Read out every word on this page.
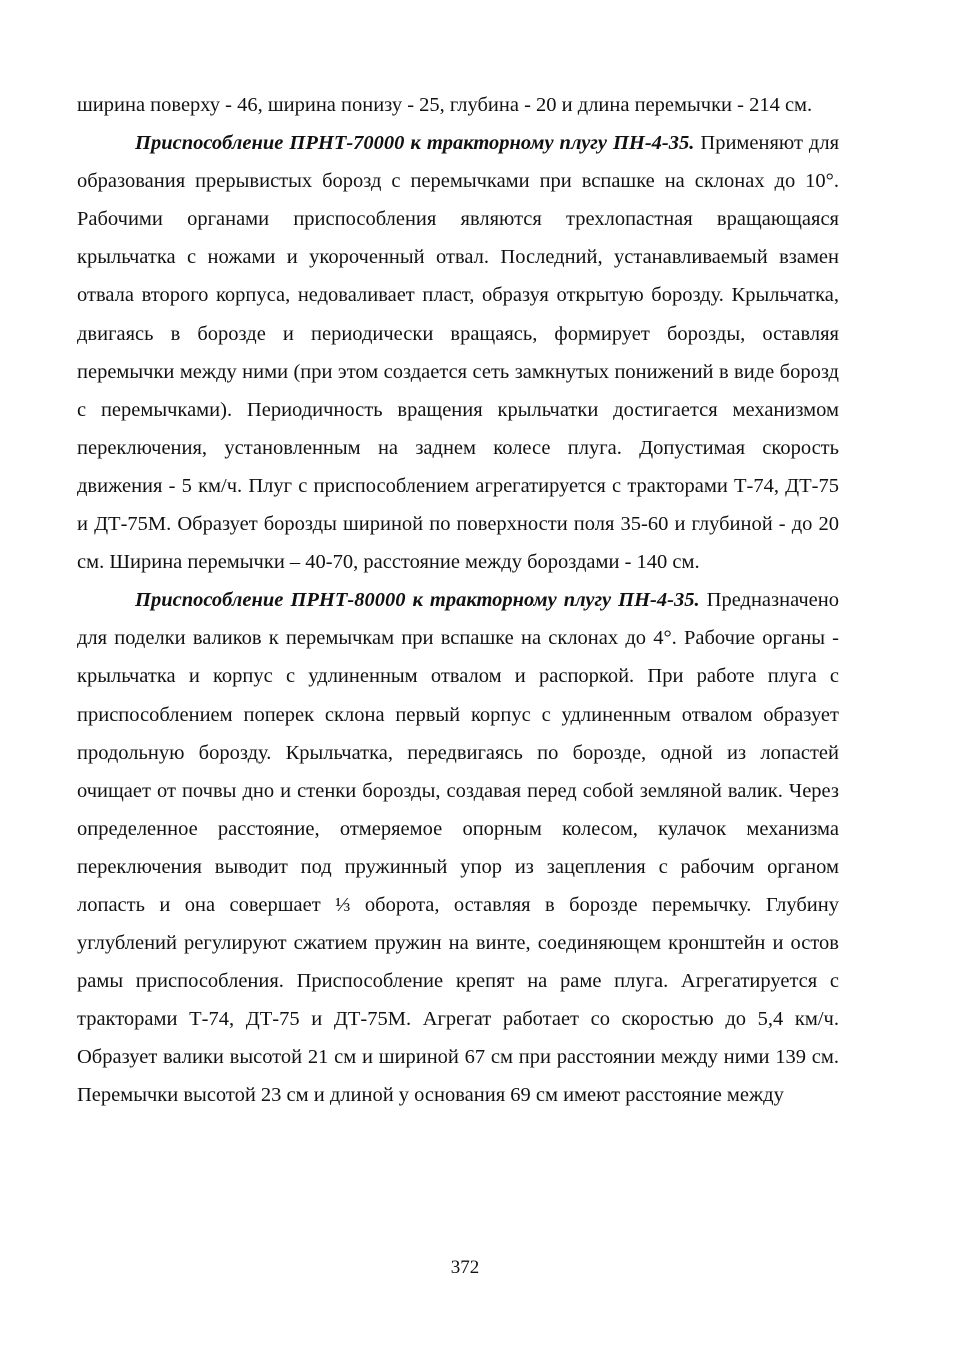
ширина поверху - 46, ширина понизу - 25, глубина - 20 и длина перемычки - 214 см.

Приспособление ПРНТ-70000 к тракторному плугу ПН-4-35. Применяют для образования прерывистых борозд с перемычками при вспашке на склонах до 10°. Рабочими органами приспособления являются трехлопастная вращающаяся крыльчатка с ножами и укороченный отвал. Последний, устанавливаемый взамен отвала второго корпуса, недоваливает пласт, образуя открытую борозду. Крыльчатка, двигаясь в борозде и периодически вращаясь, формирует борозды, оставляя перемычки между ними (при этом создается сеть замкнутых понижений в виде борозд с перемычками). Периодичность вращения крыльчатки достигается механизмом переключения, установленным на заднем колесе плуга. Допустимая скорость движения - 5 км/ч. Плуг с приспособлением агрегатируется с тракторами Т-74, ДТ-75 и ДТ-75М. Образует борозды шириной по поверхности поля 35-60 и глубиной - до 20 см. Ширина перемычки – 40-70, расстояние между бороздами - 140 см.

Приспособление ПРНТ-80000 к тракторному плугу ПН-4-35. Предназначено для поделки валиков к перемычкам при вспашке на склонах до 4°. Рабочие органы - крыльчатка и корпус с удлиненным отвалом и распоркой. При работе плуга с приспособлением поперек склона первый корпус с удлиненным отвалом образует продольную борозду. Крыльчатка, передвигаясь по борозде, одной из лопастей очищает от почвы дно и стенки борозды, создавая перед собой земляной валик. Через определенное расстояние, отмеряемое опорным колесом, кулачок механизма переключения выводит под пружинный упор из зацепления с рабочим органом лопасть и она совершает ⅓ оборота, оставляя в борозде перемычку. Глубину углублений регулируют сжатием пружин на винте, соединяющем кронштейн и остов рамы приспособления. Приспособление крепят на раме плуга. Агрегатируется с тракторами Т-74, ДТ-75 и ДТ-75М. Агрегат работает со скоростью до 5,4 км/ч. Образует валики высотой 21 см и шириной 67 см при расстоянии между ними 139 см. Перемычки высотой 23 см и длиной у основания 69 см имеют расстояние между

372
